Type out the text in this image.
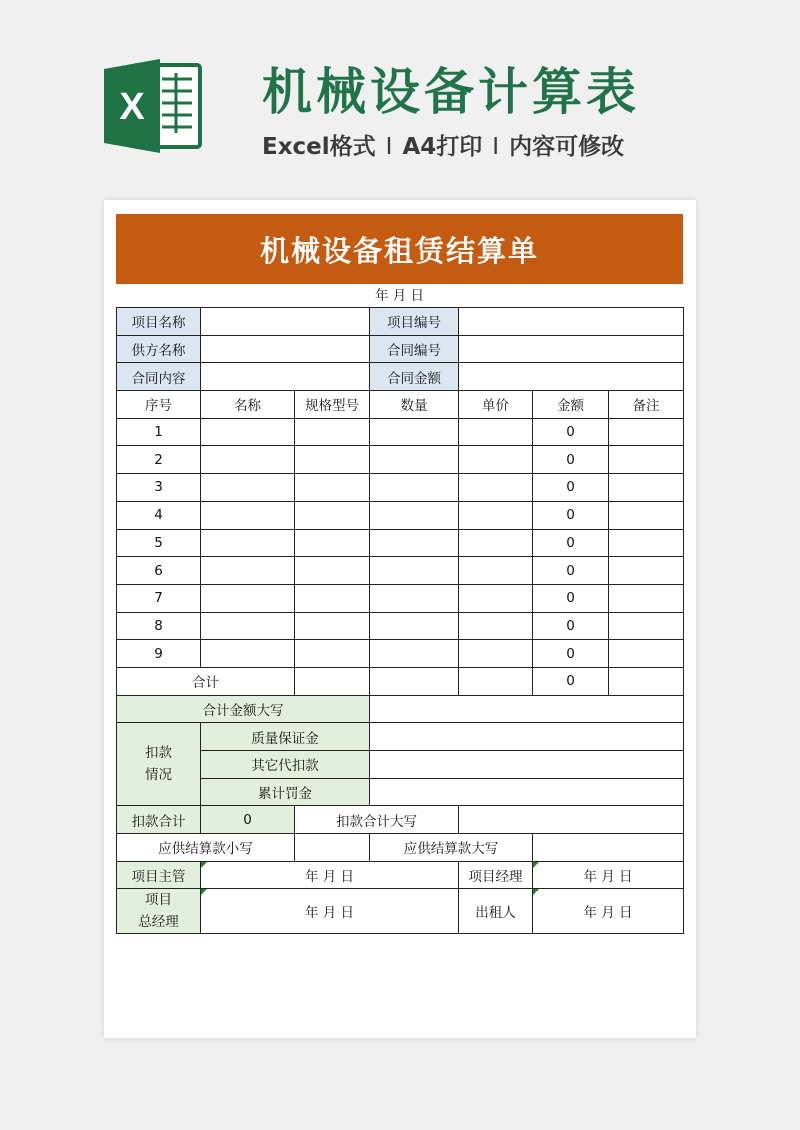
X 机械设备计算表
Excel格式 I A4打印 I 内容可修改
机械设备租赁结算单
年 月 日
项目名称			项目编号			
供方名称			合同编号			
合同内容			合同金额			
序号	名称	规格型号	数量	单价	金额	备注
1					0	
2					0	
3					0	
4					0	
5					0	
6					0	
7					0	
8					0	
9					0	
合计					0	
合计金额大写						
扣款
情况	质量保证金					
	其它代扣款					
	累计罚金					
扣款合计	0	扣款合计大写				
应供结算款小写			应供结算款大写			
项目主管	年 月 日			项目经理	年 月 日	
项目
总经理	年 月 日			出租人	年 月 日	
